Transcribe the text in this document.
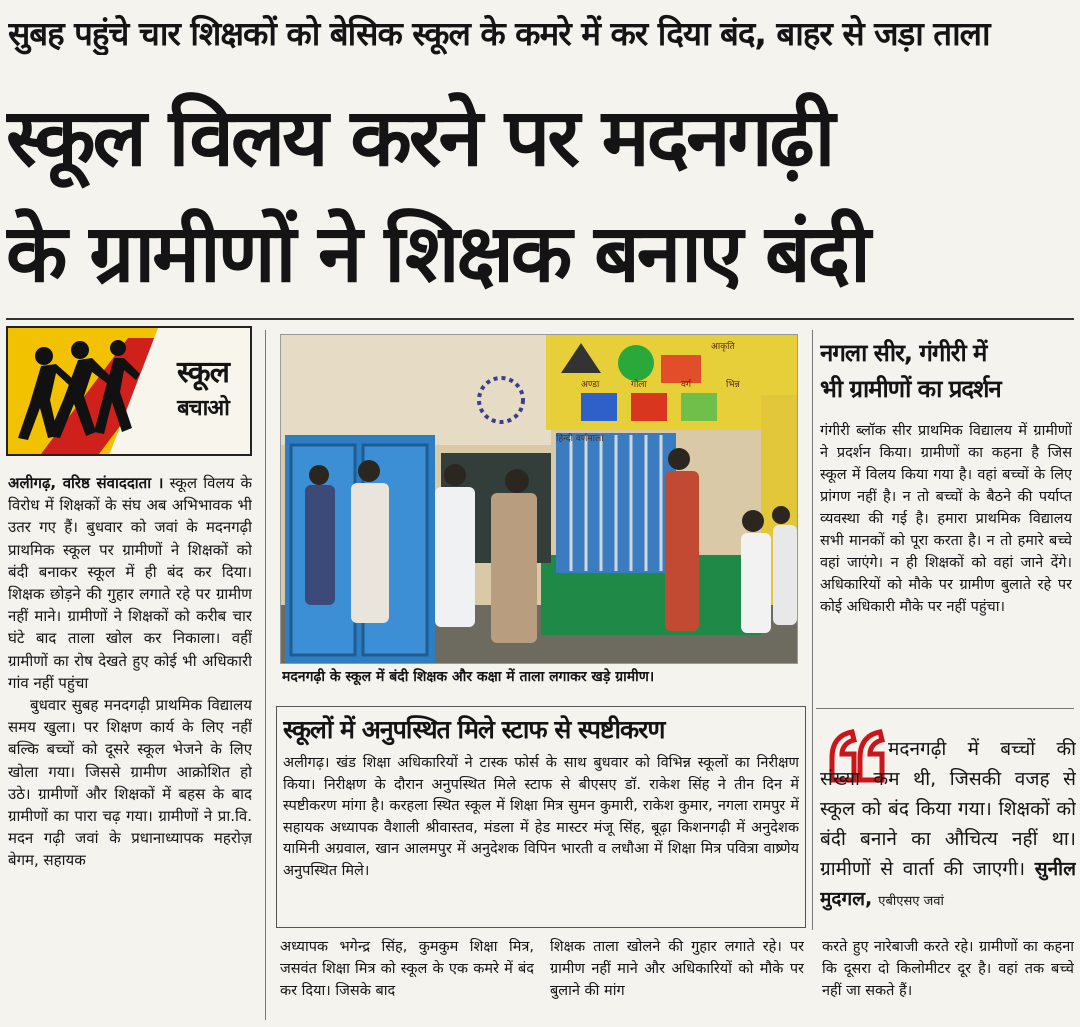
सुबह पहुंचे चार शिक्षकों को बेसिक स्कूल के कमरे में कर दिया बंद, बाहर से जड़ा ताला
स्कूल विलय करने पर मदनगढ़ी
के ग्रामीणों ने शिक्षक बनाए बंदी
स्कूल
बचाओ

अलीगढ़, वरिष्ठ संवाददाता । स्कूल विलय के विरोध में शिक्षकों के संघ अब अभिभावक भी उतर गए हैं। बुधवार को जवां के मदनगढ़ी प्राथमिक स्कूल पर ग्रामीणों ने शिक्षकों को बंदी बनाकर स्कूल में ही बंद कर दिया। शिक्षक छोड़ने की गुहार लगाते रहे पर ग्रामीण नहीं माने। ग्रामीणों ने शिक्षकों को करीब चार घंटे बाद ताला खोल कर निकाला। वहीं ग्रामीणों का रोष देखते हुए कोई भी अधिकारी गांव नहीं पहुंचा

बुधवार सुबह मनदगढ़ी प्राथमिक विद्यालय समय खुला। पर शिक्षण कार्य के लिए नहीं बल्कि बच्चों को दूसरे स्कूल भेजने के लिए खोला गया। जिससे ग्रामीण आक्रोशित हो उठे। ग्रामीणों और शिक्षकों में बहस के बाद ग्रामीणों का पारा चढ़ गया। ग्रामीणों ने प्रा.वि. मदन गढ़ी जवां के प्रधानाध्यापक महरोज़ बेगम, सहायक

आकृति
अण्डा	गोला	वर्ग	भिन्न
हिन्दी वर्णमाला
मदनगढ़ी के स्कूल में बंदी शिक्षक और कक्षा में ताला लगाकर खड़े ग्रामीण।
नगला सीर, गंगीरी में
भी ग्रामीणों का प्रदर्शन
गंगीरी ब्लॉक सीर प्राथमिक विद्यालय में ग्रामीणों ने प्रदर्शन किया। ग्रामीणों का कहना है जिस स्कूल में विलय किया गया है। वहां बच्चों के लिए प्रांगण नहीं है। न तो बच्चों के बैठने की पर्याप्त व्यवस्था की गई है। हमारा प्राथमिक विद्यालय सभी मानकों को पूरा करता है। न तो हमारे बच्चे वहां जाएंगे। न ही शिक्षकों को वहां जाने देंगे। अधिकारियों को मौके पर ग्रामीण बुलाते रहे पर कोई अधिकारी मौके पर नहीं पहुंचा।
स्कूलों में अनुपस्थित मिले स्टाफ से स्पष्टीकरण
अलीगढ़। खंड शिक्षा अधिकारियों ने टास्क फोर्स के साथ बुधवार को विभिन्न स्कूलों का निरीक्षण किया। निरीक्षण के दौरान अनुपस्थित मिले स्टाफ से बीएसए डॉ. राकेश सिंह ने तीन दिन में स्पष्टीकरण मांगा है। करहला स्थित स्कूल में शिक्षा मित्र सुमन कुमारी, राकेश कुमार, नगला रामपुर में सहायक अध्यापक वैशाली श्रीवास्तव, मंडला में हेड मास्टर मंजू सिंह, बूढ़ा किशनगढ़ी में अनुदेशक यामिनी अग्रवाल, खान आलमपुर में अनुदेशक विपिन भारती व लधौआ में शिक्षा मित्र पवित्रा वाष्र्णेय अनुपस्थित मिले।
मदनगढ़ी में बच्चों की संख्या कम थी, जिसकी वजह से स्कूल को बंद किया गया। शिक्षकों को बंदी बनाने का औचित्य नहीं था। ग्रामीणों से वार्ता की जाएगी। सुनील मुदगल, एबीएसए जवां
अध्यापक भगेन्द्र सिंह, कुमकुम शिक्षा मित्र, जसवंत शिक्षा मित्र को स्कूल के एक कमरे में बंद कर दिया। जिसके बाद
शिक्षक ताला खोलने की गुहार लगाते रहे। पर ग्रामीण नहीं माने और अधिकारियों को मौके पर बुलाने की मांग
करते हुए नारेबाजी करते रहे। ग्रामीणों का कहना कि दूसरा दो किलोमीटर दूर है। वहां तक बच्चे नहीं जा सकते हैं।
